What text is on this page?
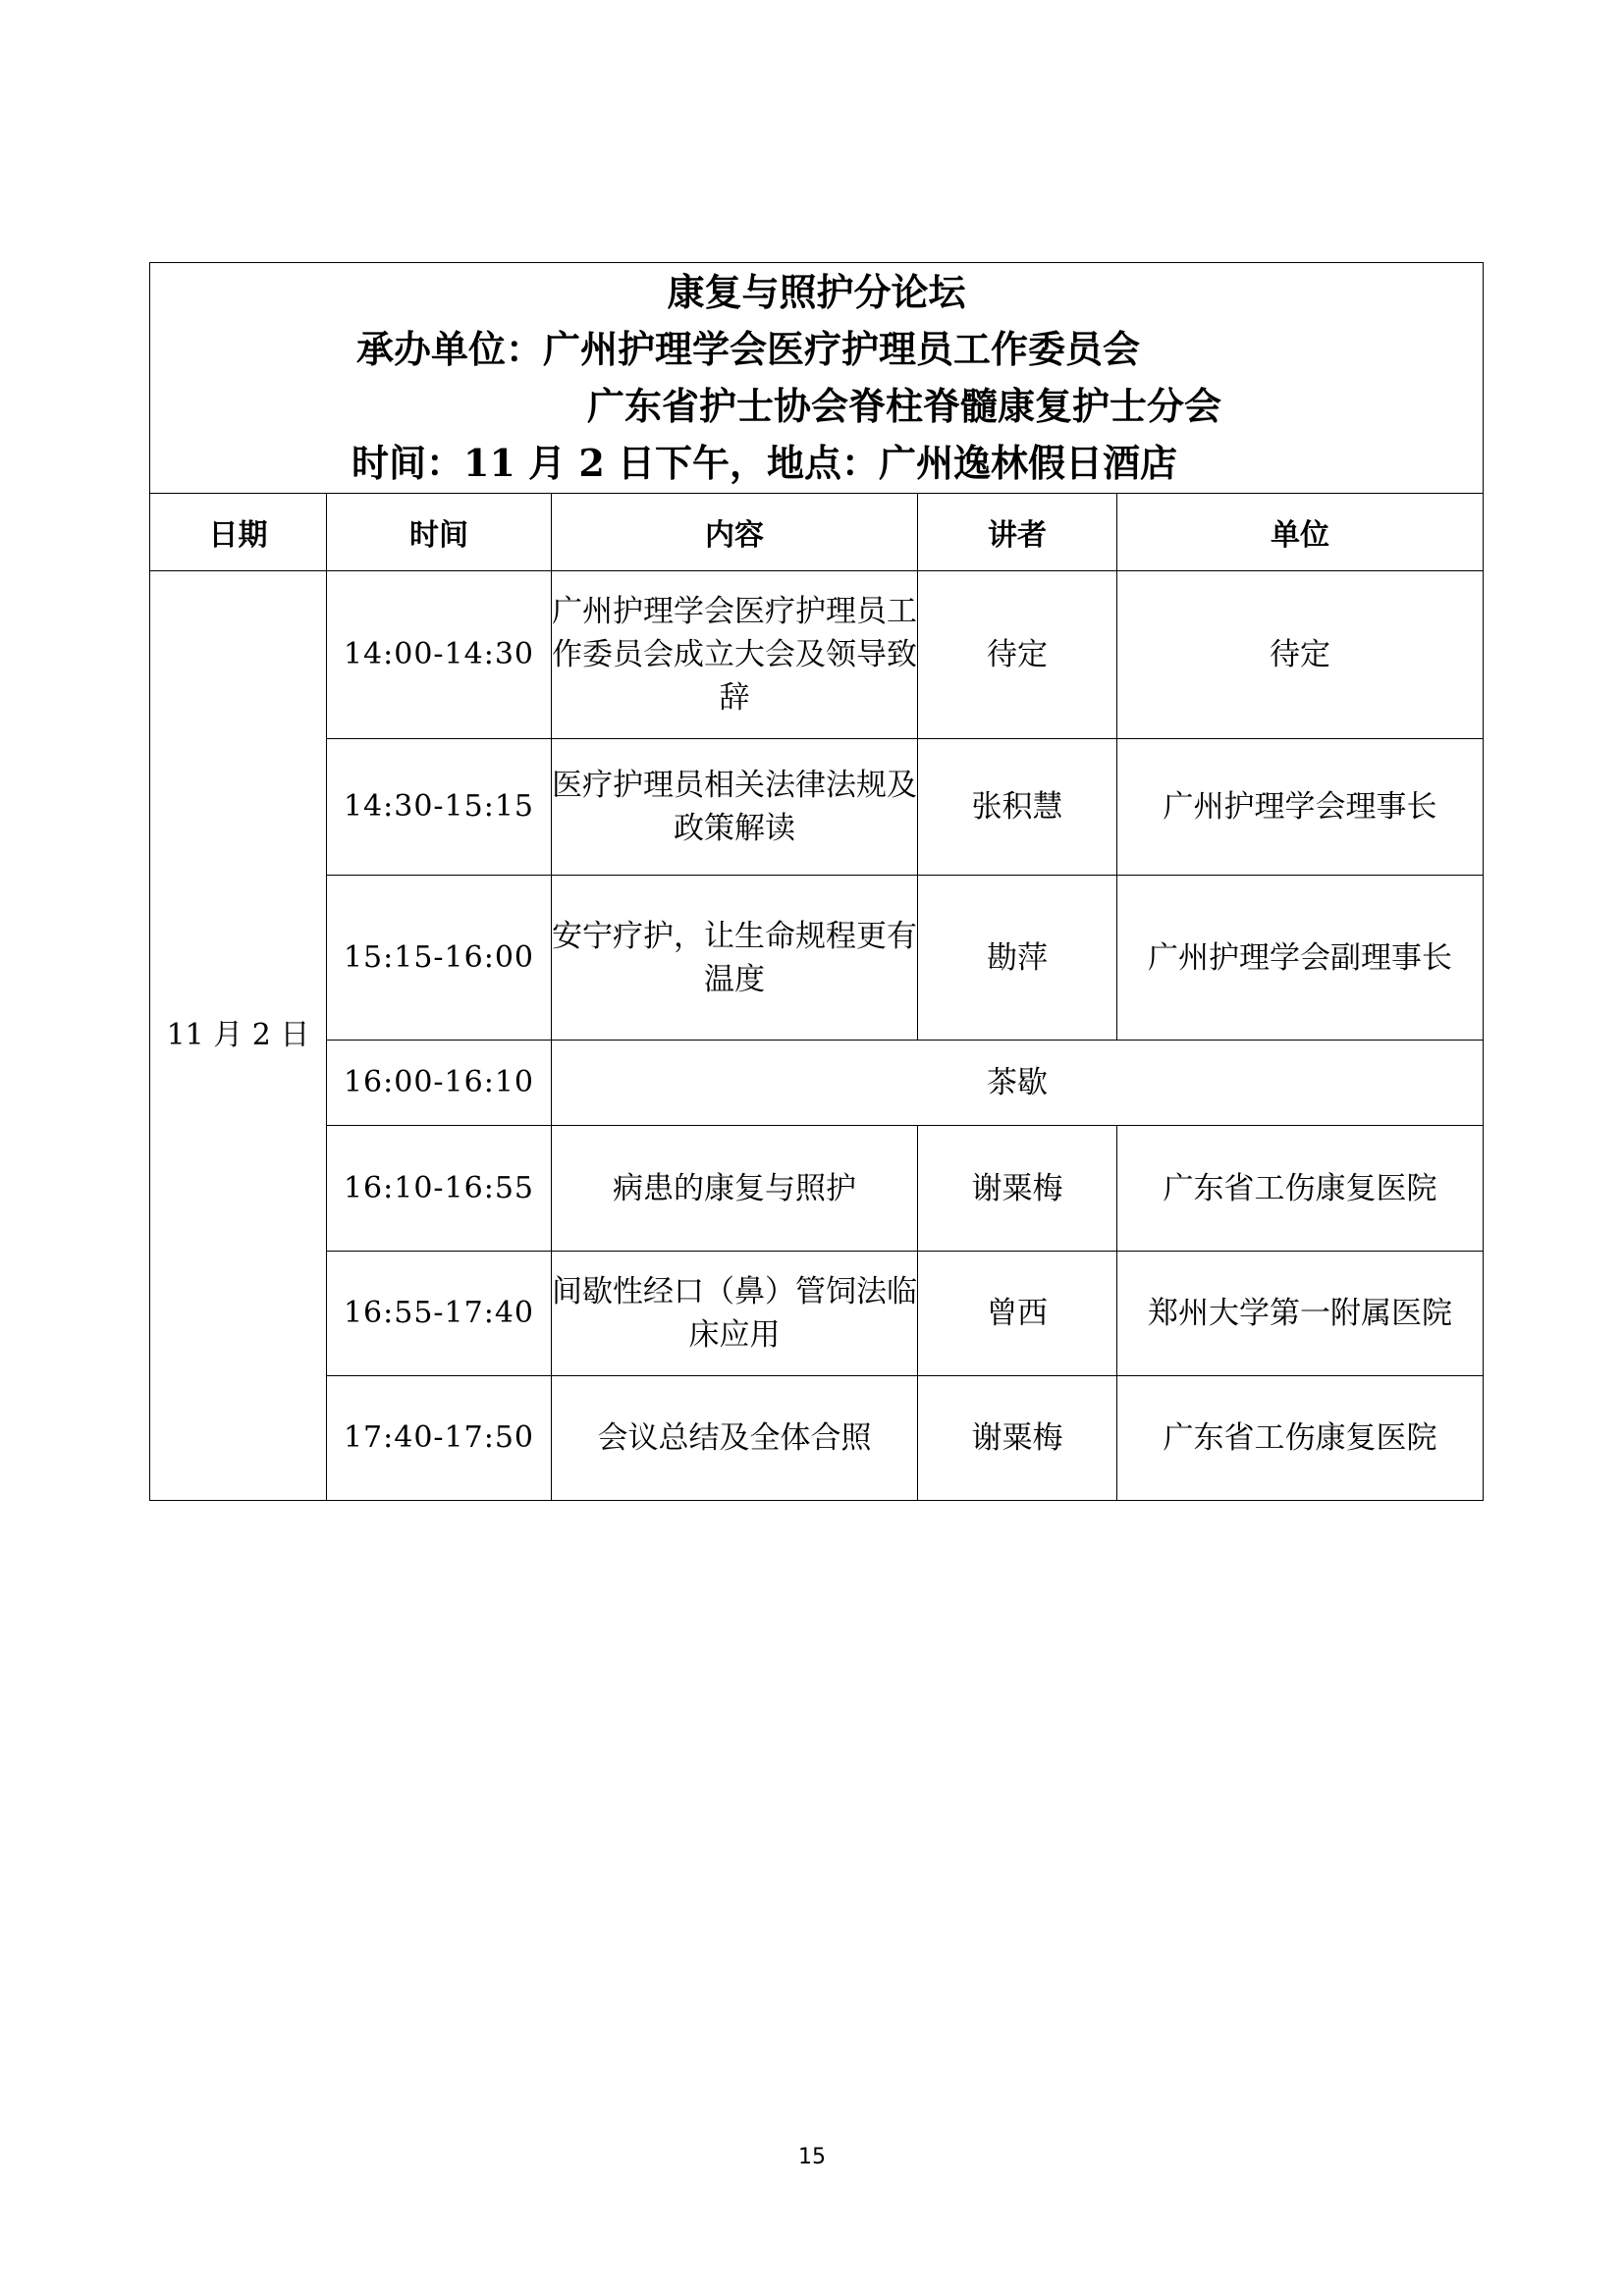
康复与照护分论坛
承办单位：广州护理学会医疗护理员工作委员会
广东省护士协会脊柱脊髓康复护士分会
时间：11 月 2 日下午，地点：广州逸林假日酒店				

日期	时间	内容	讲者	单位
11 月 2 日	14:00-14:30	广州护理学会医疗护理员工作委员会成立大会及领导致辞	待定	待定
	14:30-15:15	医疗护理员相关法律法规及政策解读	张积慧	广州护理学会理事长
	15:15-16:00	安宁疗护，让生命规程更有温度	勘萍	广州护理学会副理事长
	16:00-16:10	茶歇		
	16:10-16:55	病患的康复与照护	谢粟梅	广东省工伤康复医院
	16:55-17:40	间歇性经口（鼻）管饲法临床应用	曾西	郑州大学第一附属医院
	17:40-17:50	会议总结及全体合照	谢粟梅	广东省工伤康复医院
15
